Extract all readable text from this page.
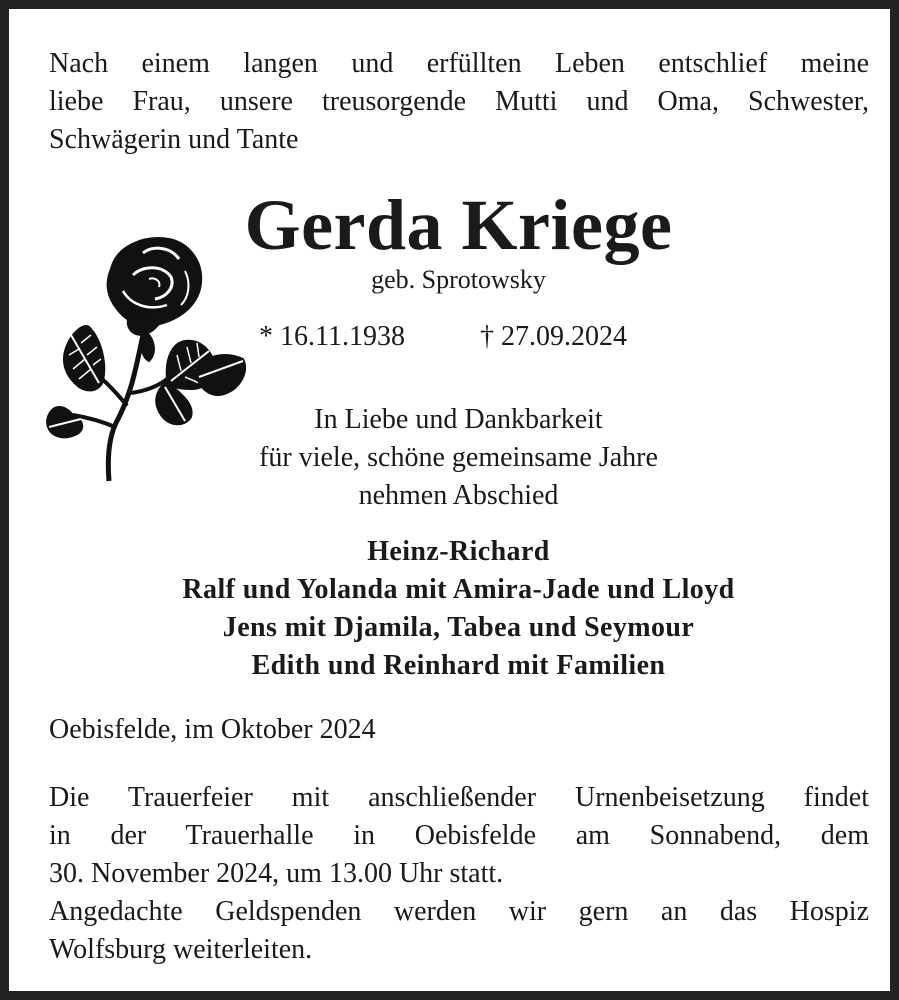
Nach einem langen und erfüllten Leben entschlief meine
liebe Frau, unsere treusorgende Mutti und Oma, Schwester,
Schwägerin und Tante
Gerda Kriege
geb. Sprotowsky
* 16.11.1938	† 27.09.2024
In Liebe und Dankbarkeit
für viele, schöne gemeinsame Jahre
nehmen Abschied
Heinz-Richard
Ralf und Yolanda mit Amira-Jade und Lloyd
Jens mit Djamila, Tabea und Seymour
Edith und Reinhard mit Familien
Oebisfelde, im Oktober 2024
Die Trauerfeier mit anschließender Urnenbeisetzung findet
in der Trauerhalle in Oebisfelde am Sonnabend, dem
30. November 2024, um 13.00 Uhr statt.
Angedachte Geldspenden werden wir gern an das Hospiz
Wolfsburg weiterleiten.
